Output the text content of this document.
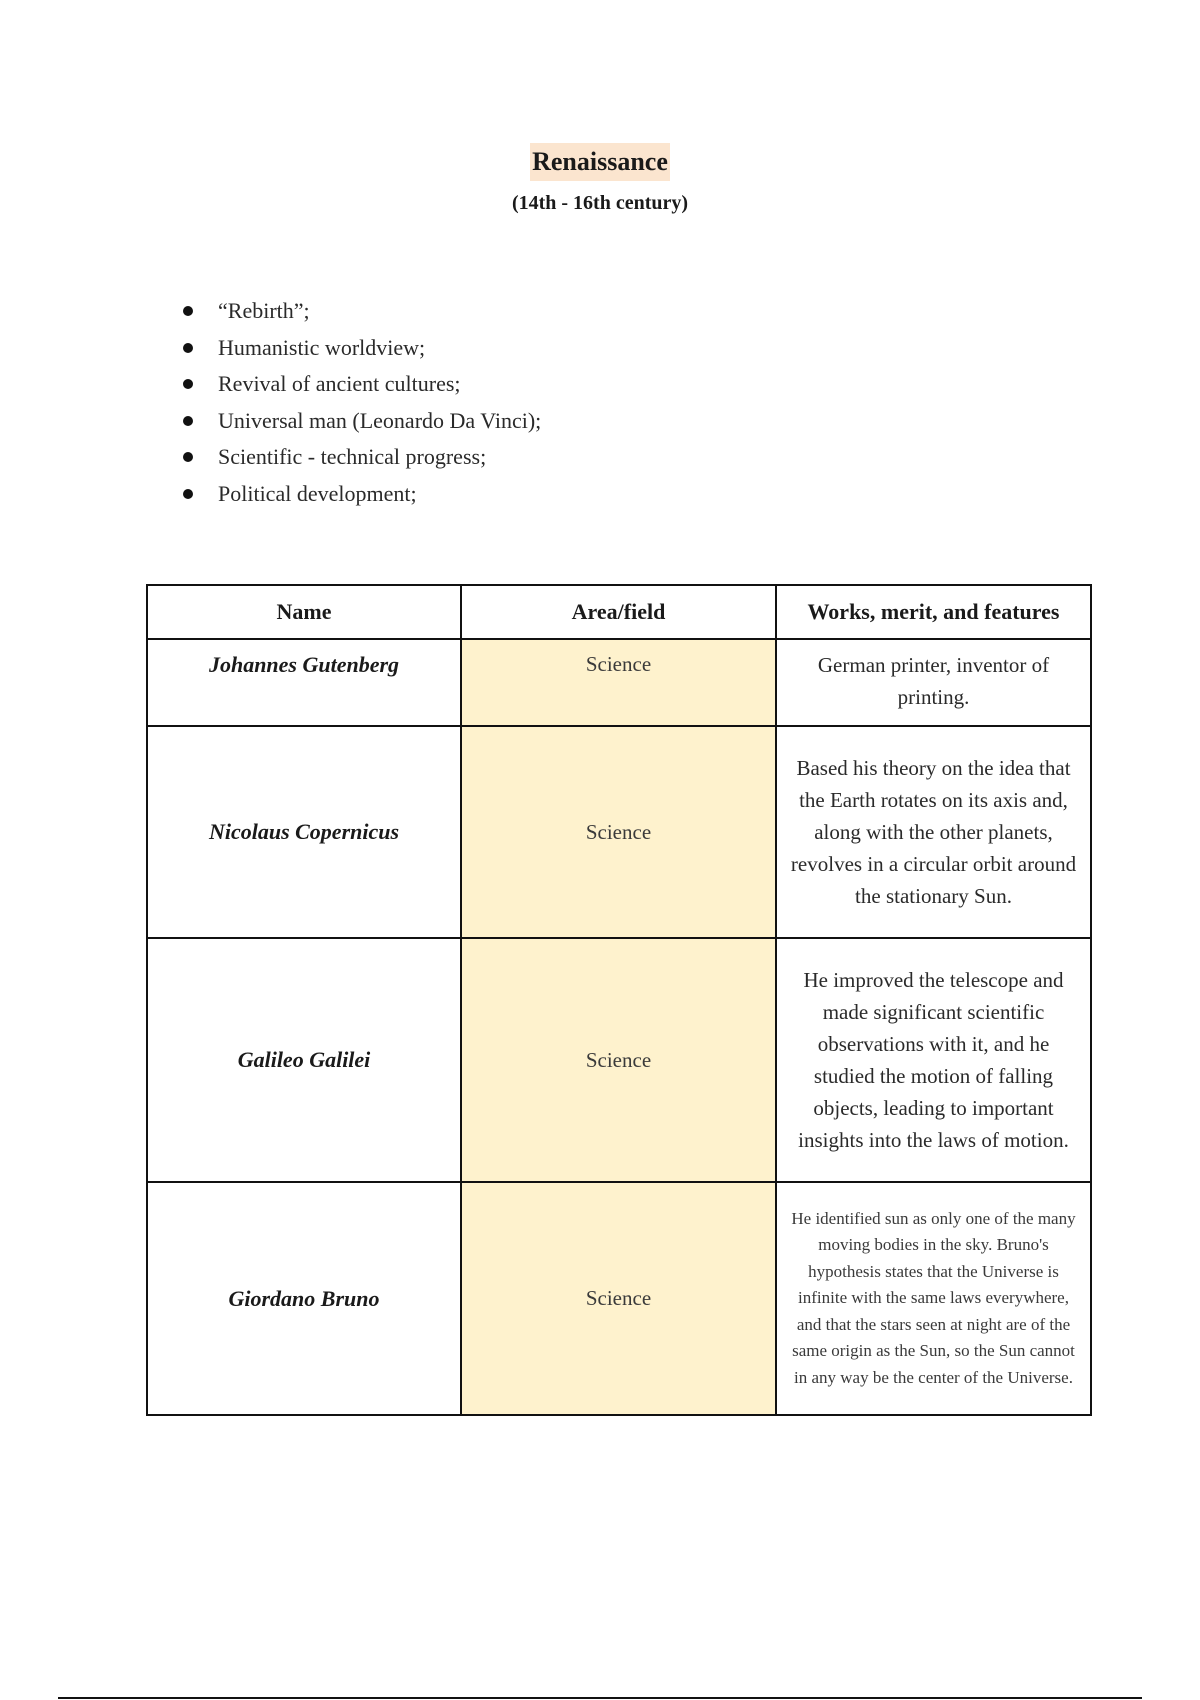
Renaissance
(14th - 16th century)
“Rebirth”;
Humanistic worldview;
Revival of ancient cultures;
Universal man (Leonardo Da Vinci);
Scientific - technical progress;
Political development;
Name	Area/field	Works, merit, and features
Johannes Gutenberg	Science	German printer, inventor of printing.
Nicolaus Copernicus	Science	Based his theory on the idea that the Earth rotates on its axis and, along with the other planets, revolves in a circular orbit around the stationary Sun.
Galileo Galilei	Science	He improved the telescope and made significant scientific observations with it, and he studied the motion of falling objects, leading to important insights into the laws of motion.
Giordano Bruno	Science	He identified sun as only one of the many moving bodies in the sky. Bruno's hypothesis states that the Universe is infinite with the same laws everywhere, and that the stars seen at night are of the same origin as the Sun, so the Sun cannot in any way be the center of the Universe.
